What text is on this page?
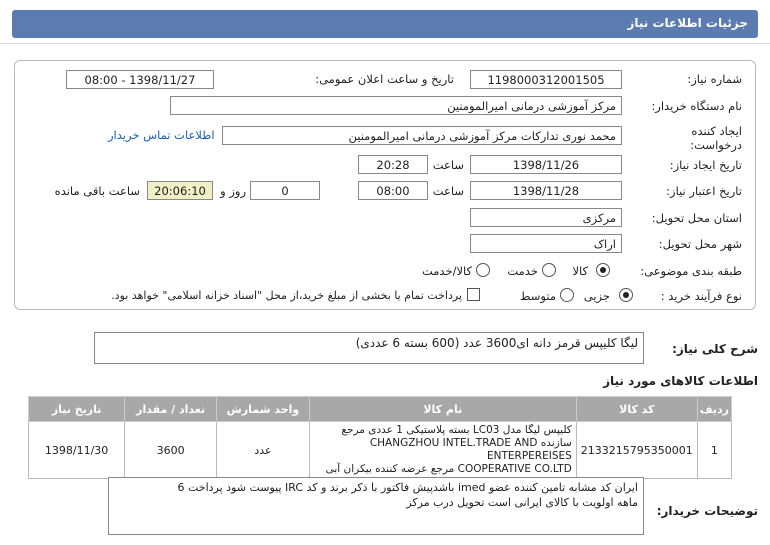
جزئیات اطلاعات نیاز
شماره نیاز:
1198000312001505
تاریخ و ساعت اعلان عمومی:
1398/11/27 - 08:00
نام دستگاه خریدار:
مرکز آموزشی درمانی امیرالمومنین
ایجاد کننده
درخواست:
محمد نوری تدارکات مرکز آموزشی درمانی امیرالمومنین
اطلاعات تماس خریدار
تاریخ ایجاد نیاز:
1398/11/26
ساعت
20:28
تاریخ اعتبار نیاز:
1398/11/28
ساعت
08:00
0
روز و
20:06:10
ساعت باقی مانده
استان محل تحویل:
مرکزی
شهر محل تحویل:
اراک
طبقه بندی موضوعی:
کالا
خدمت
کالا/خدمت
نوع فرآیند خرید :
جزیی
متوسط
پرداخت تمام یا بخشی از مبلغ خرید،از محل "اسناد خزانه اسلامی" خواهد بود.
شرح کلی نیاز:
لیگا کلیپس قرمز دانه ای3600 عدد (600 بسته 6 عددی)
اطلاعات کالاهای مورد نیاز
ردیف	کد کالا	نام کالا	واحد شمارش	تعداد / مقدار	تاریخ نیاز
1	2133215795350001	کلیپس لیگا مدل LC03 بسته پلاستیکی 1 عددی مرجع
سازنده CHANGZHOU INTEL.TRADE AND ENTERPEREISES
COOPERATIVE CO.LTD مرجع عرضه کننده بیکران آبی	عدد	3600	1398/11/30
توضیحات خریدار:
ایران کد مشابه تامین کننده عضو imed باشدپیش فاکتور با ذکر برند و کد IRC پیوست شود پرداخت 6
ماهه اولویت با کالای ایرانی است تحویل درب مرکز
